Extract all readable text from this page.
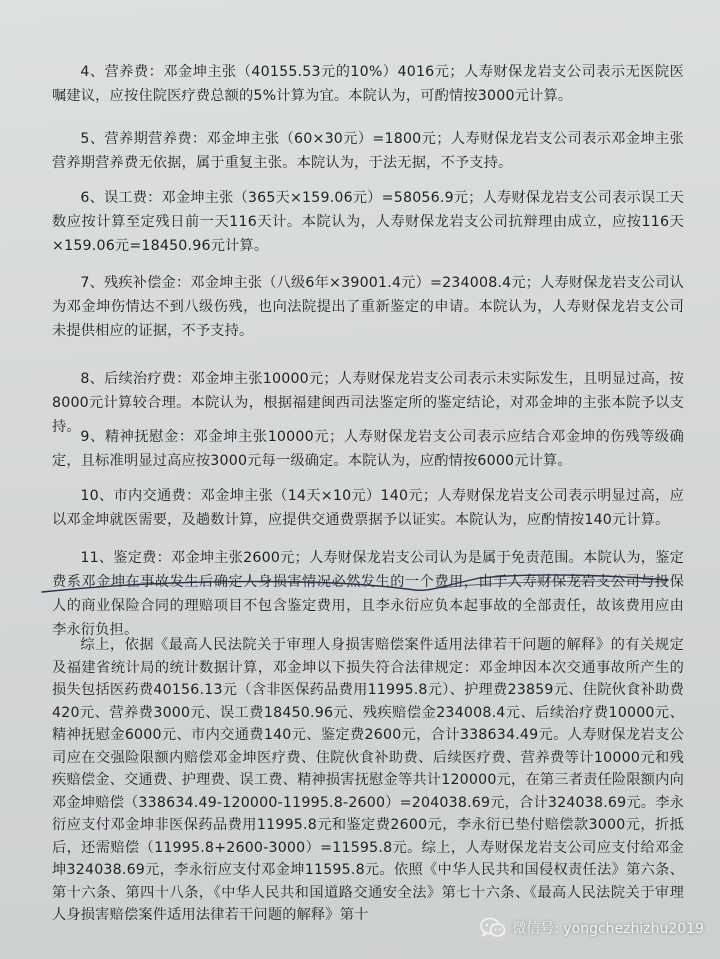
4、营养费：邓金坤主张（40155.53元的10%）4016元；人寿财保龙岩支公司表示无医院医嘱建议，应按住院医疗费总额的5%计算为宜。本院认为，可酌情按3000元计算。
5、营养期营养费：邓金坤主张（60×30元）=1800元；人寿财保龙岩支公司表示邓金坤主张营养期营养费无依据，属于重复主张。本院认为，于法无据，不予支持。
6、误工费：邓金坤主张（365天×159.06元）=58056.9元；人寿财保龙岩支公司表示误工天数应按计算至定残日前一天116天计。本院认为，人寿财保龙岩支公司抗辩理由成立，应按116天×159.06元=18450.96元计算。
7、残疾补偿金：邓金坤主张（八级6年×39001.4元）=234008.4元；人寿财保龙岩支公司认为邓金坤伤情达不到八级伤残，也向法院提出了重新鉴定的申请。本院认为，人寿财保龙岩支公司未提供相应的证据，不予支持。
8、后续治疗费：邓金坤主张10000元；人寿财保龙岩支公司表示未实际发生，且明显过高，按8000元计算较合理。本院认为，根据福建闽西司法鉴定所的鉴定结论，对邓金坤的主张本院予以支持。
9、精神抚慰金：邓金坤主张10000元；人寿财保龙岩支公司表示应结合邓金坤的伤残等级确定，且标准明显过高应按3000元每一级确定。本院认为，应酌情按6000元计算。
10、市内交通费：邓金坤主张（14天×10元）140元；人寿财保龙岩支公司表示明显过高，应以邓金坤就医需要，及趟数计算，应提供交通费票据予以证实。本院认为，应酌情按140元计算。
11、鉴定费：邓金坤主张2600元；人寿财保龙岩支公司认为是属于免责范围。本院认为，鉴定费系邓金坤在事故发生后确定人身损害情况必然发生的一个费用，由于人寿财保龙岩支公司与投保人的商业保险合同的理赔项目不包含鉴定费用，且李永衍应负本起事故的全部责任，故该费用应由李永衍负担。
综上，依据《最高人民法院关于审理人身损害赔偿案件适用法律若干问题的解释》的有关规定及福建省统计局的统计数据计算，邓金坤以下损失符合法律规定：邓金坤因本次交通事故所产生的损失包括医药费40156.13元（含非医保药品费用11995.8元）、护理费23859元、住院伙食补助费420元、营养费3000元、误工费18450.96元、残疾赔偿金234008.4元、后续治疗费10000元、精神抚慰金6000元、市内交通费140元、鉴定费2600元，合计338634.49元。人寿财保龙岩支公司应在交强险限额内赔偿邓金坤医疗费、住院伙食补助费、后续医疗费、营养费等计10000元和残疾赔偿金、交通费、护理费、误工费、精神损害抚慰金等共计120000元，在第三者责任险限额内向邓金坤赔偿（338634.49-120000-11995.8-2600）=204038.69元，合计324038.69元。李永衍应支付邓金坤非医保药品费用11995.8元和鉴定费2600元，李永衍已垫付赔偿款3000元，折抵后，还需赔偿（11995.8+2600-3000）=11595.8元。综上，人寿财保龙岩支公司应支付给邓金坤324038.69元，李永衍应支付邓金坤11595.8元。依照《中华人民共和国侵权责任法》第六条、第十六条、第四十八条，《中华人民共和国道路交通安全法》第七十六条、《最高人民法院关于审理人身损害赔偿案件适用法律若干问题的解释》第十
微信号: yongchezhizhu2019
